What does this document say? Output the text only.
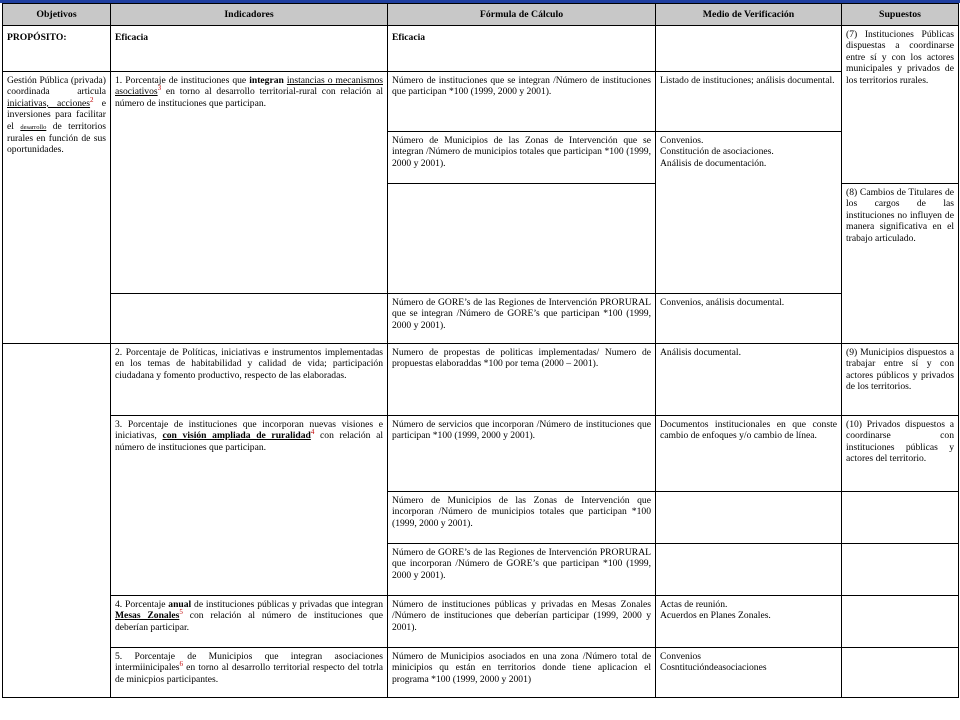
Objetivos	Indicadores	Fórmula de Cálculo	Medio de Verificación	Supuestos
PROPÓSITO:	Eficacia	Eficacia		(7) Instituciones Públicas dispuestas a coordinarse entre sí y con los actores municipales y privados de los territorios rurales.
Gestión Pública (privada) coordinada articula iniciativas, acciones$^2$ e inversiones para facilitar el desarrollo de territorios rurales en función de sus oportunidades.	1. Porcentaje de instituciones que integran instancias o mecanismos asociativos$^3$ en torno al desarrollo territorial-rural con relación al número de instituciones que participan.	Número de instituciones que se integran /Número de instituciones que participan *100 (1999, 2000 y 2001).	Listado de instituciones; análisis documental.	
		Número de Municipios de las Zonas de Intervención que se integran /Número de municipios totales que participan *100 (1999, 2000 y 2001).	Convenios.
Constitución de asociaciones.
Análisis de documentación.	

				(8) Cambios de Titulares de los cargos de las instituciones no influyen de manera significativa en el trabajo articulado.
		Número de GORE’s de las Regiones de Intervención PRORURAL que se integran /Número de GORE’s que participan *100 (1999, 2000 y 2001).	Convenios, análisis documental.	
	2. Porcentaje de Políticas, iniciativas e instrumentos implementadas en los temas de habitabilidad y calidad de vida; participación ciudadana y fomento productivo, respecto de las elaboradas.	Numero de propestas de politicas implementadas/ Numero de propuestas elaboraddas *100 por tema (2000 – 2001).	Análisis documental.	(9) Municipios dispuestos a trabajar entre sí y con actores públicos y privados de los territorios.
	3. Porcentaje de instituciones que incorporan nuevas visiones e iniciativas, con visión ampliada de ruralidad$^4$ con relación al número de instituciones que participan.	Número de servicios que incorporan /Número de instituciones que participan *100 (1999, 2000 y 2001).	Documentos institucionales en que conste cambio de enfoques y/o cambio de línea.	(10) Privados dispuestos a coordinarse con instituciones públicas y actores del territorio.
		Número de Municipios de las Zonas de Intervención que incorporan /Número de municipios totales que participan *100 (1999, 2000 y 2001).		
		Número de GORE’s de las Regiones de Intervención PRORURAL que incorporan /Número de GORE’s que participan *100 (1999, 2000 y 2001).		
	4. Porcentaje anual de instituciones públicas y privadas que integran Mesas Zonales$^5$ con relación al número de instituciones que deberían participar.	Número de instituciones públicas y privadas en Mesas Zonales /Número de instituciones que deberían participar (1999, 2000 y 2001).	Actas de reunión.
Acuerdos en Planes Zonales.	

	5. Porcentaje de Municipios que integran asociaciones intermiinicipales$^6$ en torno al desarrollo territorial respecto del totrla de minicpios participantes.	Número de Municipios asociados en una zona /Número total de minicipios qu están en territorios donde tiene aplicacion el programa *100 (1999, 2000 y 2001)	Convenios
Cosntitucióndeasociaciones	
